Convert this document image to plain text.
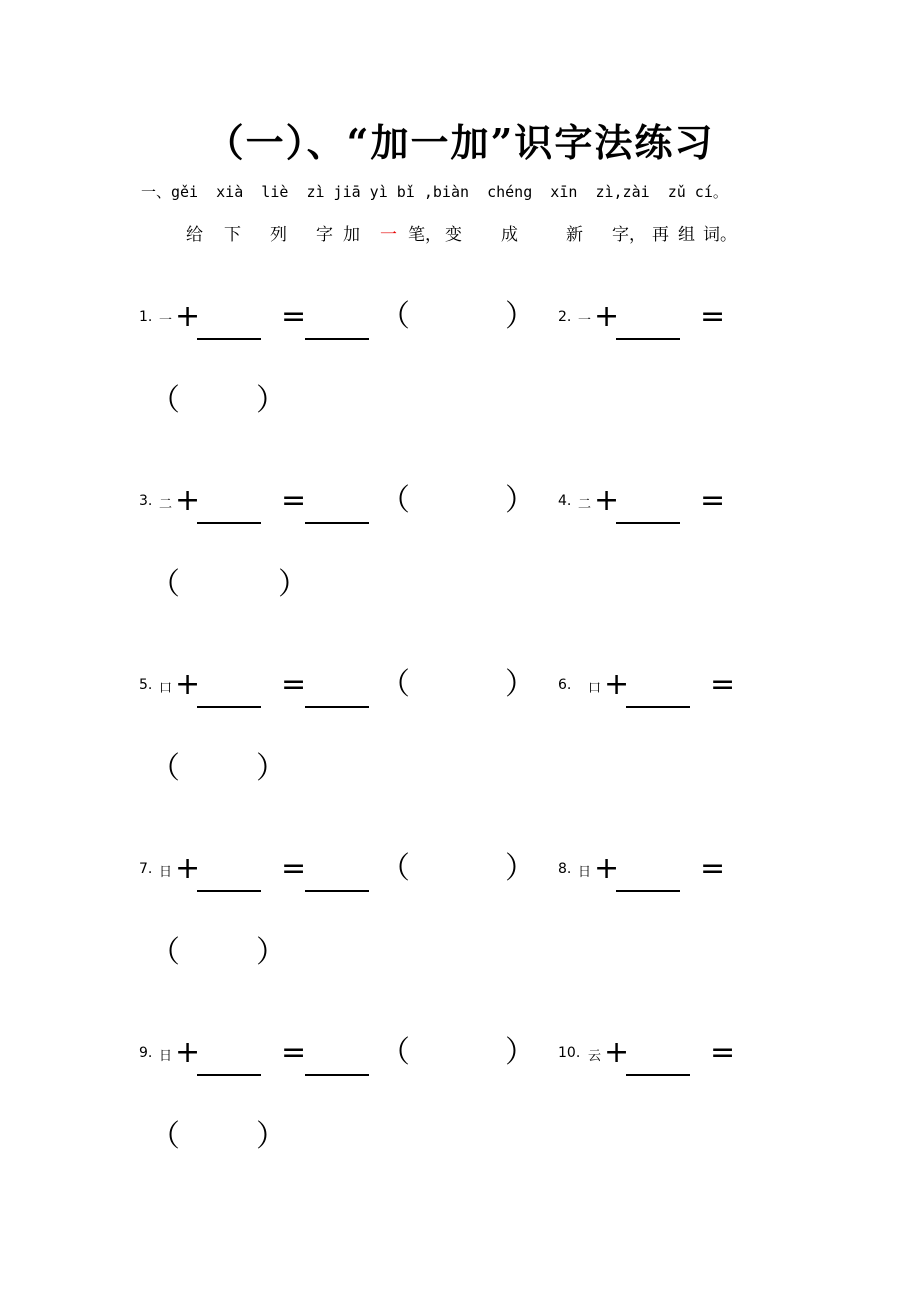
（一）、“加一加”识字法练习
一、gěi  xià  liè  zì jiā yì bǐ ,biàn  chéng  xīn  zì,zài  zǔ cí。
给 下 列 字 加 一 笔， 变 成	新 字， 再 组 词。
1. 一 +	= （	）
（	）
2. 一 +	=
3. 二 +	= （	）
（	）
4. 二 +	=
5. 口 +	= （	）
（	）
6. 口 +	=
7. 日 +	= （	）
（	）
8. 日 +	=
9. 日 +	= （	）
（	）
10. 云 +	=
